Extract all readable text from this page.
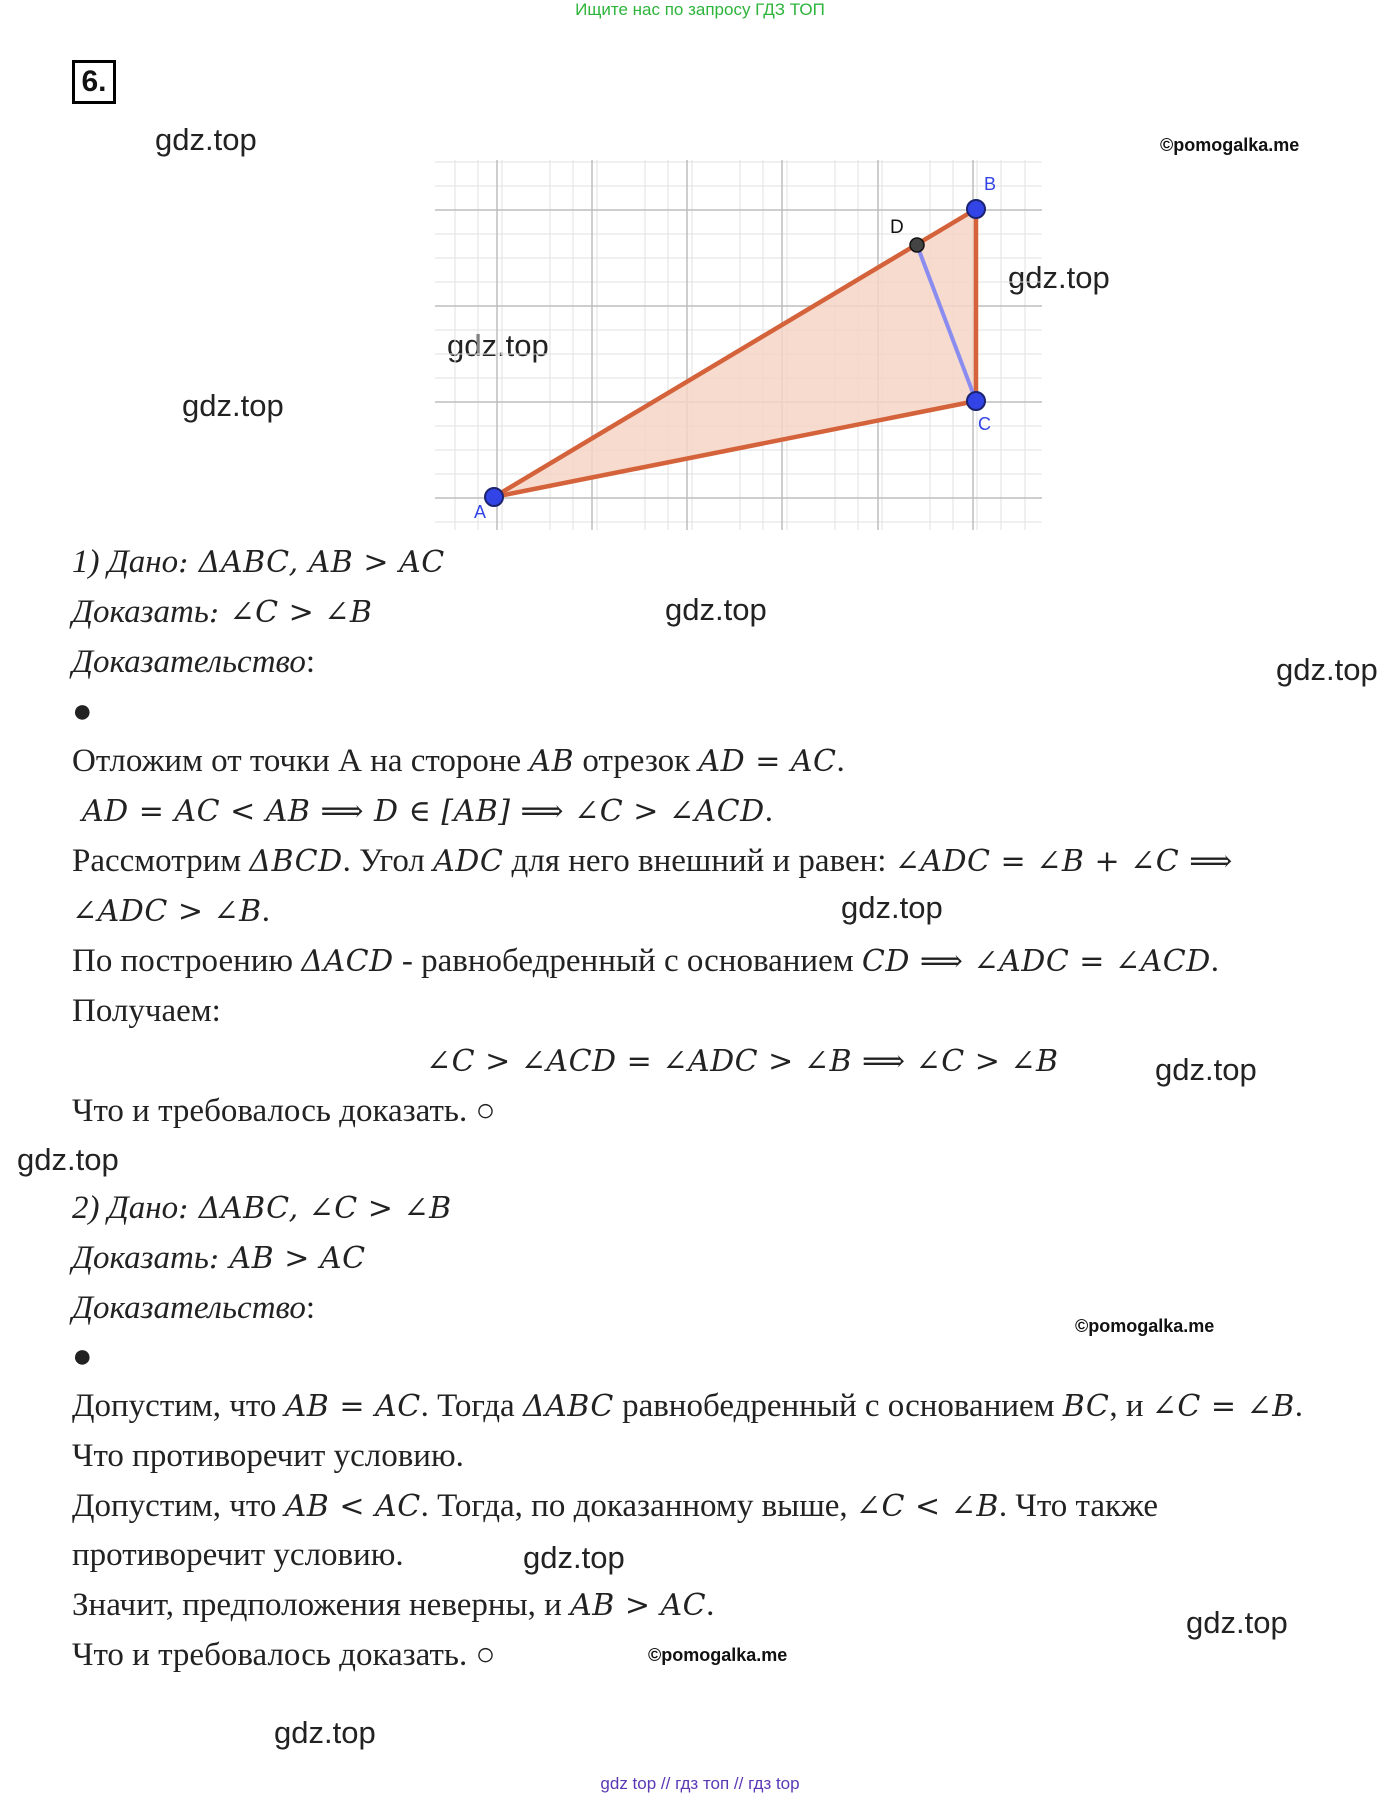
Ищите нас по запросу ГДЗ ТОП
6.
gdz.top
gdz.top
gdz.top
gdz.top
gdz.top
gdz.top
gdz.top
gdz.top
gdz.top
gdz.top
gdz.top
gdz.top
©pomogalka.me
©pomogalka.me
©pomogalka.me
A
B
C
D
1) Дано: ΔABC, AB > AC
Доказать: ∠C > ∠B
Доказательство:
●
Отложим от точки А на стороне AB отрезок AD = AC.
AD = AC < AB ⟹ D ∈ [AB] ⟹ ∠C > ∠ACD.
Рассмотрим ΔBCD. Угол ADC для него внешний и равен: ∠ADC = ∠B + ∠C ⟹
∠ADC > ∠B.
По построению ΔACD - равнобедренный с основанием CD ⟹ ∠ADC = ∠ACD.
Получаем:
∠C > ∠ACD = ∠ADC > ∠B ⟹ ∠C > ∠B
Что и требовалось доказать. ○
2) Дано: ΔABC, ∠C > ∠B
Доказать: AB > AC
Доказательство:
●
Допустим, что AB = AC. Тогда ΔABC равнобедренный с основанием BC, и ∠C = ∠B.
Что противоречит условию.
Допустим, что AB < AC. Тогда, по доказанному выше, ∠C < ∠B. Что также
противоречит условию.
Значит, предположения неверны, и AB > AC.
Что и требовалось доказать. ○
gdz top // гдз топ // гдз top
